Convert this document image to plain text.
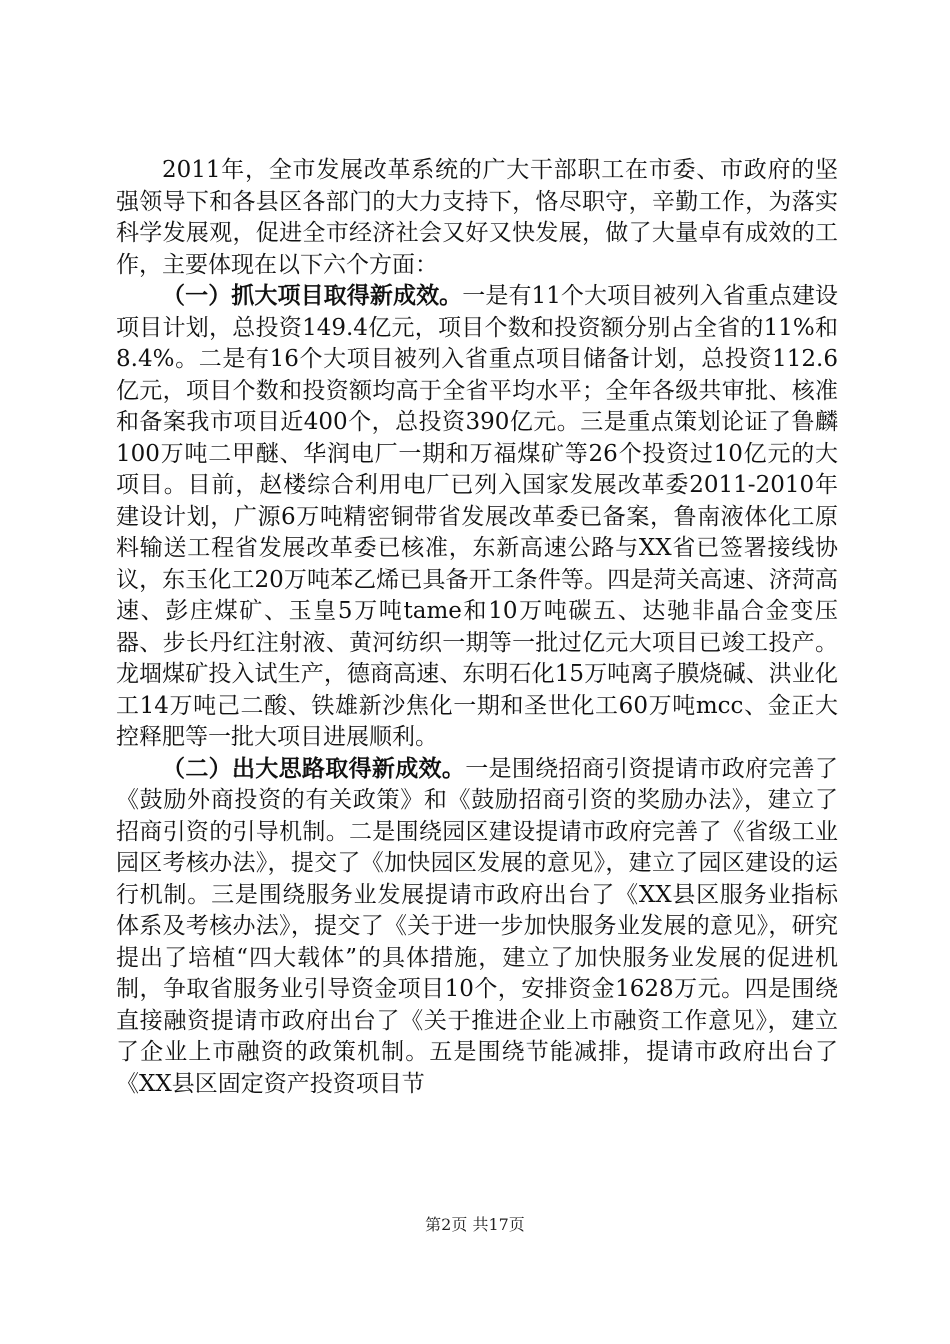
2011年，全市发展改革系统的广大干部职工在市委、市政府的坚强领导下和各县区各部门的大力支持下，恪尽职守，辛勤工作，为落实科学发展观，促进全市经济社会又好又快发展，做了大量卓有成效的工作，主要体现在以下六个方面：

（一）抓大项目取得新成效。一是有11个大项目被列入省重点建设项目计划，总投资149.4亿元，项目个数和投资额分别占全省的11%和8.4%。二是有16个大项目被列入省重点项目储备计划，总投资112.6亿元，项目个数和投资额均高于全省平均水平；全年各级共审批、核准和备案我市项目近400个，总投资390亿元。三是重点策划论证了鲁麟100万吨二甲醚、华润电厂一期和万福煤矿等26个投资过10亿元的大项目。目前，赵楼综合利用电厂已列入国家发展改革委2011-2010年建设计划，广源6万吨精密铜带省发展改革委已备案，鲁南液体化工原料输送工程省发展改革委已核准，东新高速公路与XX省已签署接线协议，东玉化工20万吨苯乙烯已具备开工条件等。四是菏关高速、济菏高速、彭庄煤矿、玉皇5万吨tame和10万吨碳五、达驰非晶合金变压器、步长丹红注射液、黄河纺织一期等一批过亿元大项目已竣工投产。龙堌煤矿投入试生产，德商高速、东明石化15万吨离子膜烧碱、洪业化工14万吨己二酸、铁雄新沙焦化一期和圣世化工60万吨mcc、金正大控释肥等一批大项目进展顺利。

（二）出大思路取得新成效。一是围绕招商引资提请市政府完善了《鼓励外商投资的有关政策》和《鼓励招商引资的奖励办法》，建立了招商引资的引导机制。二是围绕园区建设提请市政府完善了《省级工业园区考核办法》，提交了《加快园区发展的意见》，建立了园区建设的运行机制。三是围绕服务业发展提请市政府出台了《XX县区服务业指标体系及考核办法》，提交了《关于进一步加快服务业发展的意见》，研究提出了培植“四大载体”的具体措施，建立了加快服务业发展的促进机制，争取省服务业引导资金项目10个，安排资金1628万元。四是围绕直接融资提请市政府出台了《关于推进企业上市融资工作意见》，建立了企业上市融资的政策机制。五是围绕节能减排，提请市政府出台了《XX县区固定资产投资项目节

第2页 共17页
